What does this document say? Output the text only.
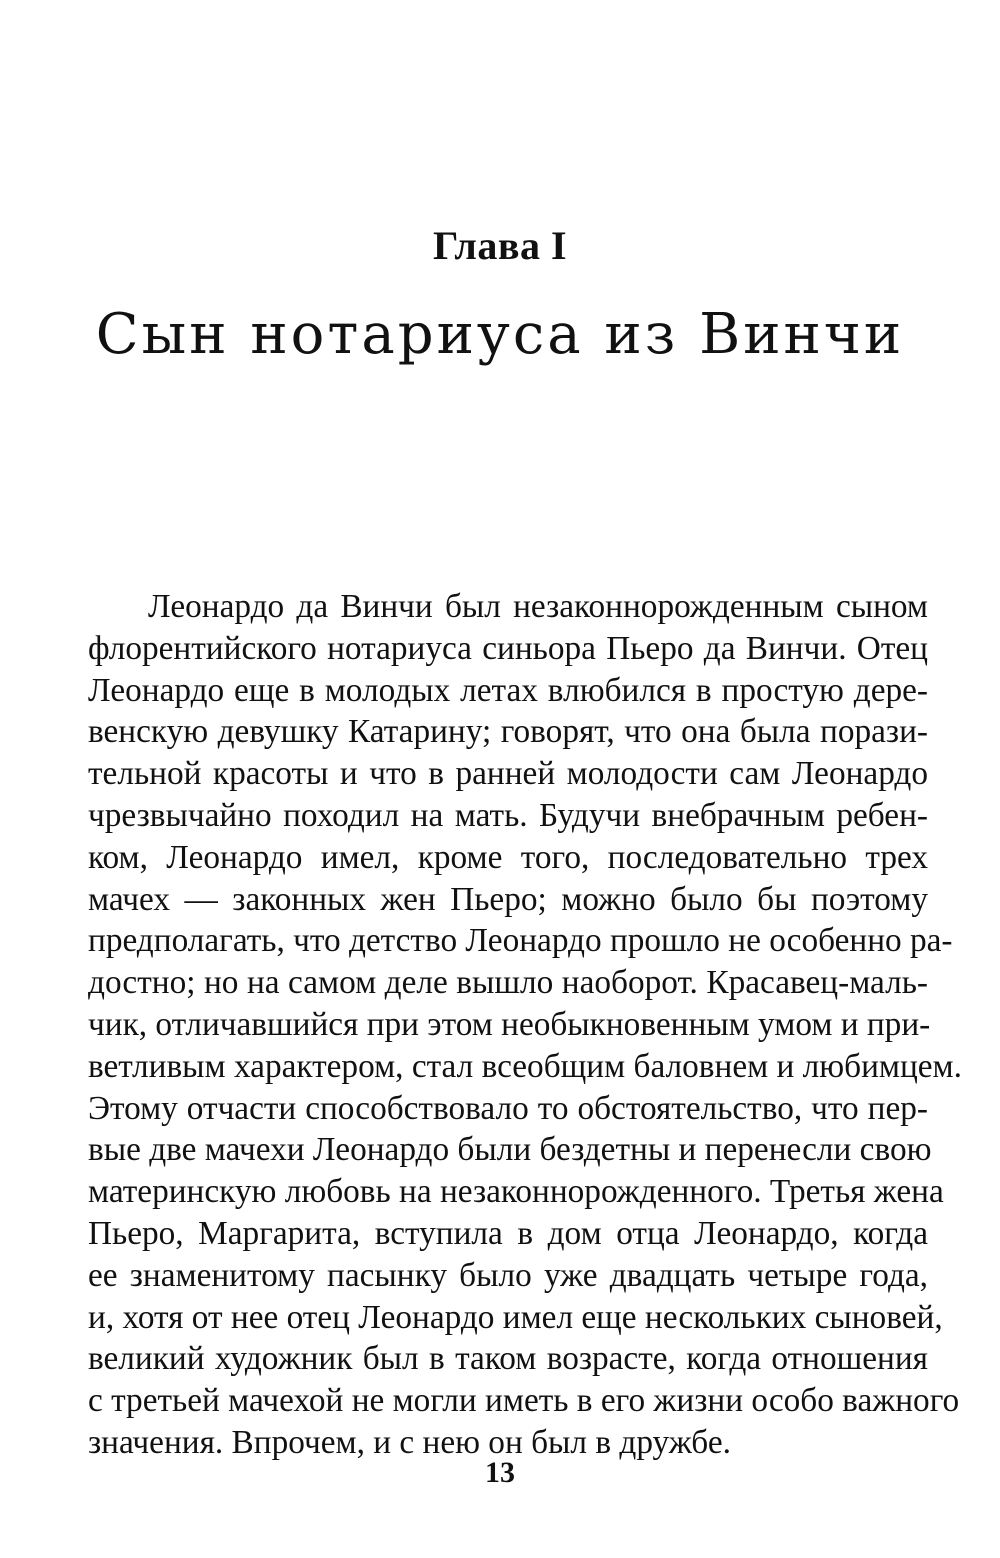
Глава I
Сын нотариуса из Винчи
Леонардо да Винчи был незаконнорожденным сыном
флорентийского нотариуса синьора Пьеро да Винчи. Отец
Леонардо еще в молодых летах влюбился в простую дере-
венскую девушку Катарину; говорят, что она была порази-
тельной красоты и что в ранней молодости сам Леонардо
чрезвычайно походил на мать. Будучи внебрачным ребен-
ком, Леонардо имел, кроме того, последовательно трех
мачех — законных жен Пьеро; можно было бы поэтому
предполагать, что детство Леонардо прошло не особенно ра-
достно; но на самом деле вышло наоборот. Красавец-маль-
чик, отличавшийся при этом необыкновенным умом и при-
ветливым характером, стал всеобщим баловнем и любимцем.
Этому отчасти способствовало то обстоятельство, что пер-
вые две мачехи Леонардо были бездетны и перенесли свою
материнскую любовь на незаконнорожденного. Третья жена
Пьеро, Маргарита, вступила в дом отца Леонардо, когда
ее знаменитому пасынку было уже двадцать четыре года,
и, хотя от нее отец Леонардо имел еще нескольких сыновей,
великий художник был в таком возрасте, когда отношения
с третьей мачехой не могли иметь в его жизни особо важного
значения. Впрочем, и с нею он был в дружбе.
13
